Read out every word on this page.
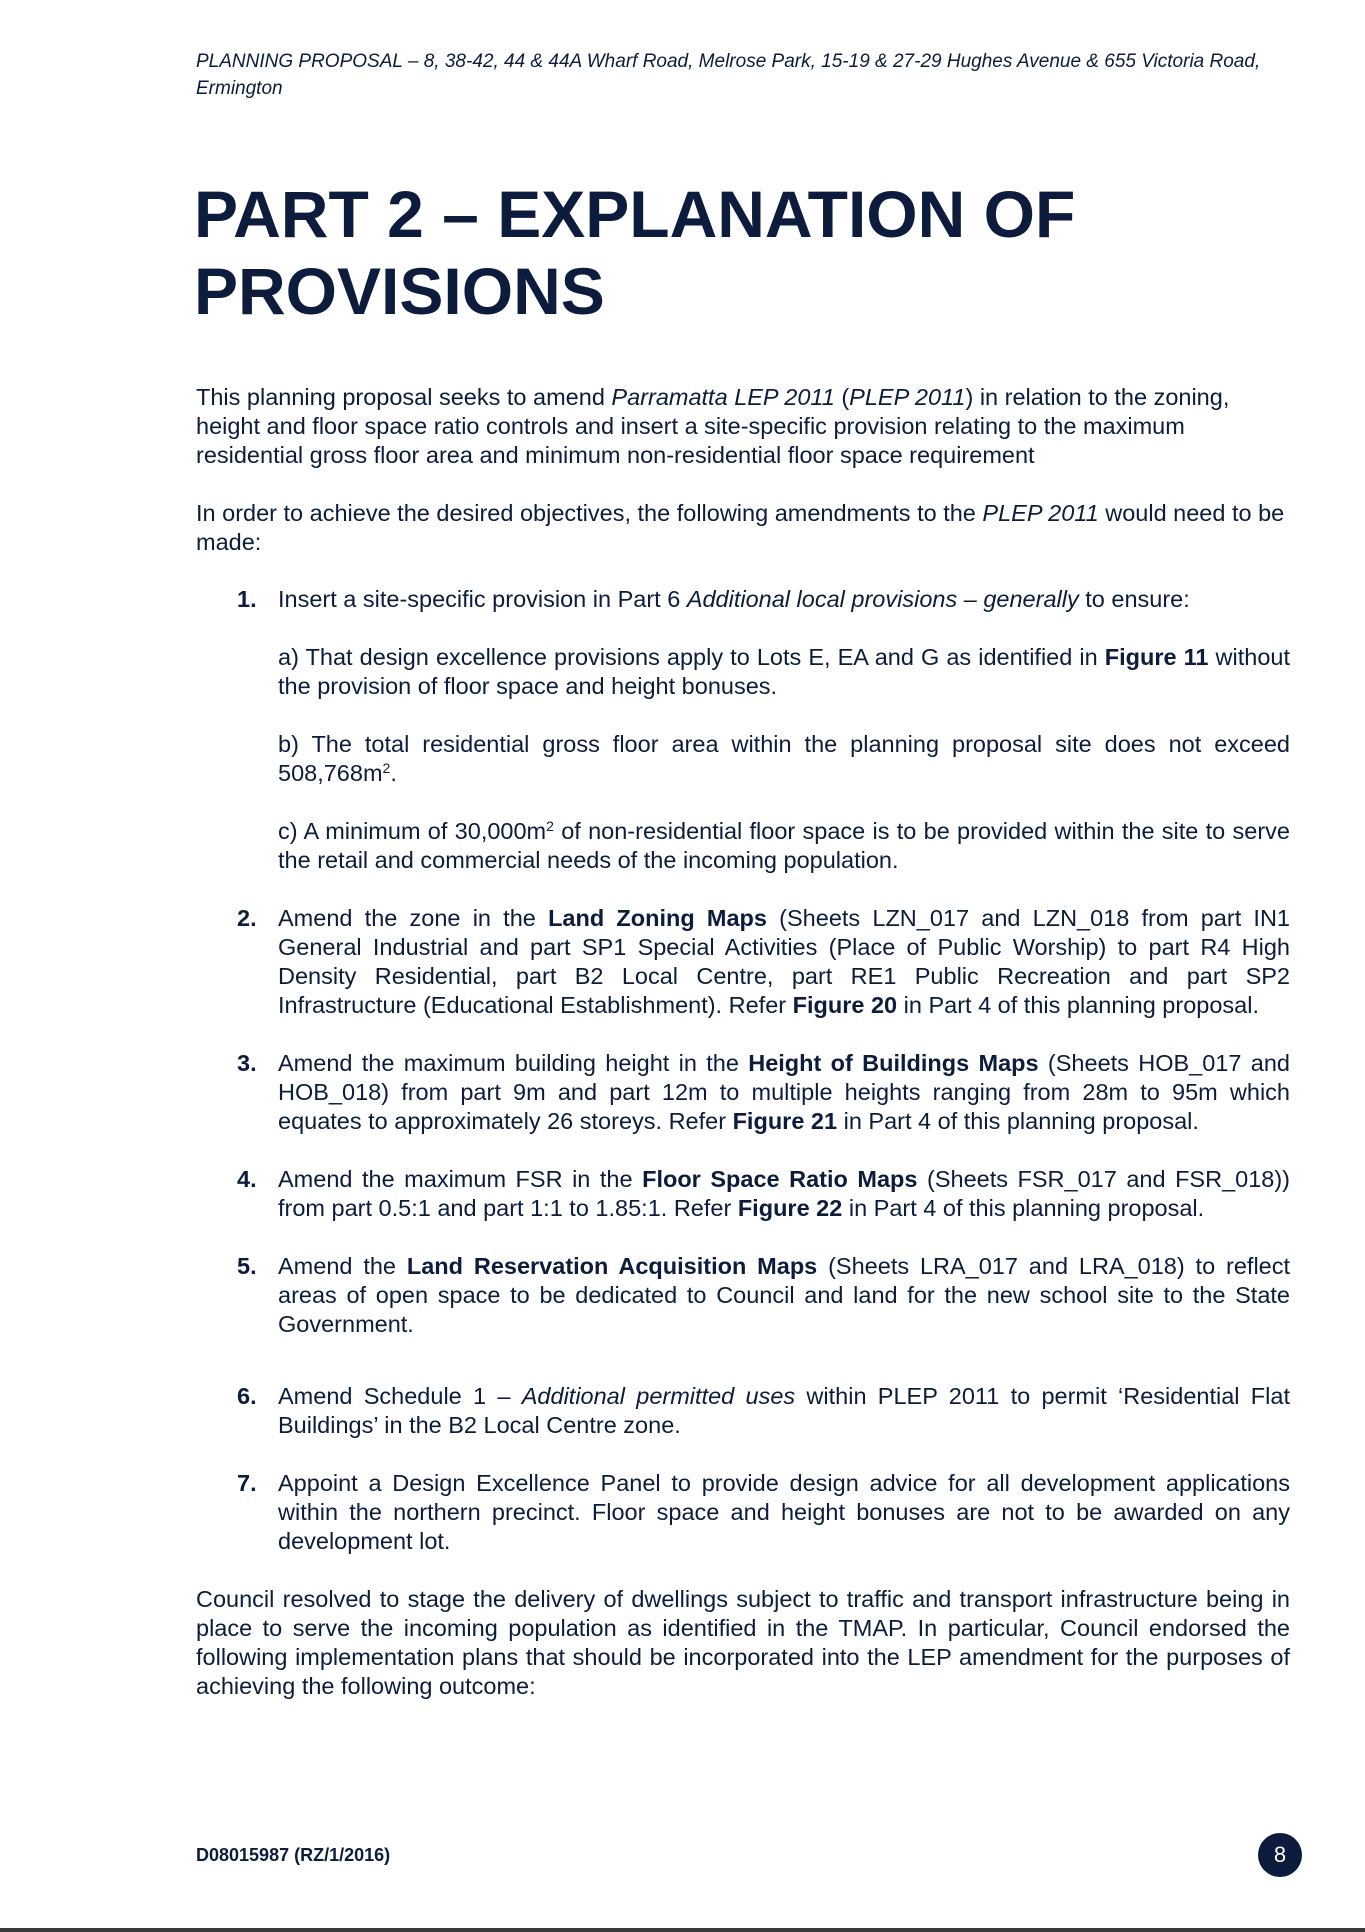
PLANNING PROPOSAL – 8, 38-42, 44 & 44A Wharf Road, Melrose Park, 15-19 & 27-29 Hughes Avenue & 655 Victoria Road, Ermington
PART 2 – EXPLANATION OF
PROVISIONS

This planning proposal seeks to amend Parramatta LEP 2011 (PLEP 2011) in relation to the zoning, height and floor space ratio controls and insert a site-specific provision relating to the maximum residential gross floor area and minimum non-residential floor space requirement

In order to achieve the desired objectives, the following amendments to the PLEP 2011 would need to be made:

1. Insert a site-specific provision in Part 6 Additional local provisions – generally to ensure:
a) That design excellence provisions apply to Lots E, EA and G as identified in Figure 11 without the provision of floor space and height bonuses.
b) The total residential gross floor area within the planning proposal site does not exceed $508,768m^2$.
c) A minimum of $30,000m^2$ of non-residential floor space is to be provided within the site to serve the retail and commercial needs of the incoming population.
2. Amend the zone in the Land Zoning Maps (Sheets LZN_017 and LZN_018 from part IN1 General Industrial and part SP1 Special Activities (Place of Public Worship) to part R4 High Density Residential, part B2 Local Centre, part RE1 Public Recreation and part SP2 Infrastructure (Educational Establishment). Refer Figure 20 in Part 4 of this planning proposal.
3. Amend the maximum building height in the Height of Buildings Maps (Sheets HOB_017 and HOB_018) from part 9m and part 12m to multiple heights ranging from 28m to 95m which equates to approximately 26 storeys. Refer Figure 21 in Part 4 of this planning proposal.
4. Amend the maximum FSR in the Floor Space Ratio Maps (Sheets FSR_017 and FSR_018)) from part 0.5:1 and part 1:1 to 1.85:1. Refer Figure 22 in Part 4 of this planning proposal.
5. Amend the Land Reservation Acquisition Maps (Sheets LRA_017 and LRA_018) to reflect areas of open space to be dedicated to Council and land for the new school site to the State Government.
6. Amend Schedule 1 – Additional permitted uses within PLEP 2011 to permit ‘Residential Flat Buildings’ in the B2 Local Centre zone.
7. Appoint a Design Excellence Panel to provide design advice for all development applications within the northern precinct. Floor space and height bonuses are not to be awarded on any development lot.

Council resolved to stage the delivery of dwellings subject to traffic and transport infrastructure being in place to serve the incoming population as identified in the TMAP. In particular, Council endorsed the following implementation plans that should be incorporated into the LEP amendment for the purposes of achieving the following outcome:

D08015987 (RZ/1/2016)	8
